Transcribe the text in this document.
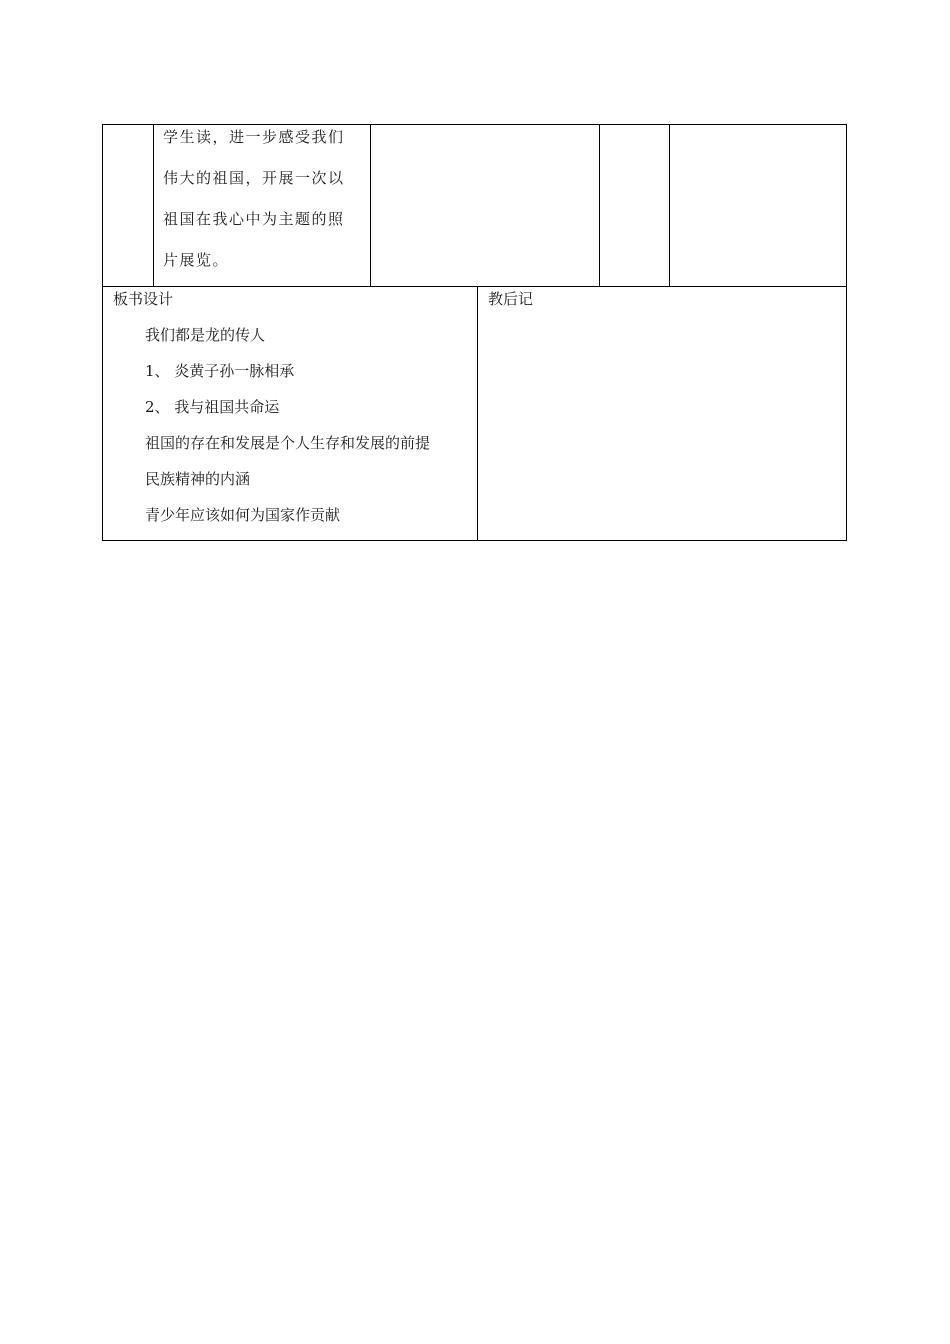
学生读，进一步感受我们
伟大的祖国，开展一次以
祖国在我心中为主题的照
片展览。
板书设计
我们都是龙的传人
1、 炎黄子孙一脉相承
2、 我与祖国共命运
祖国的存在和发展是个人生存和发展的前提
民族精神的内涵
青少年应该如何为国家作贡献
教后记
